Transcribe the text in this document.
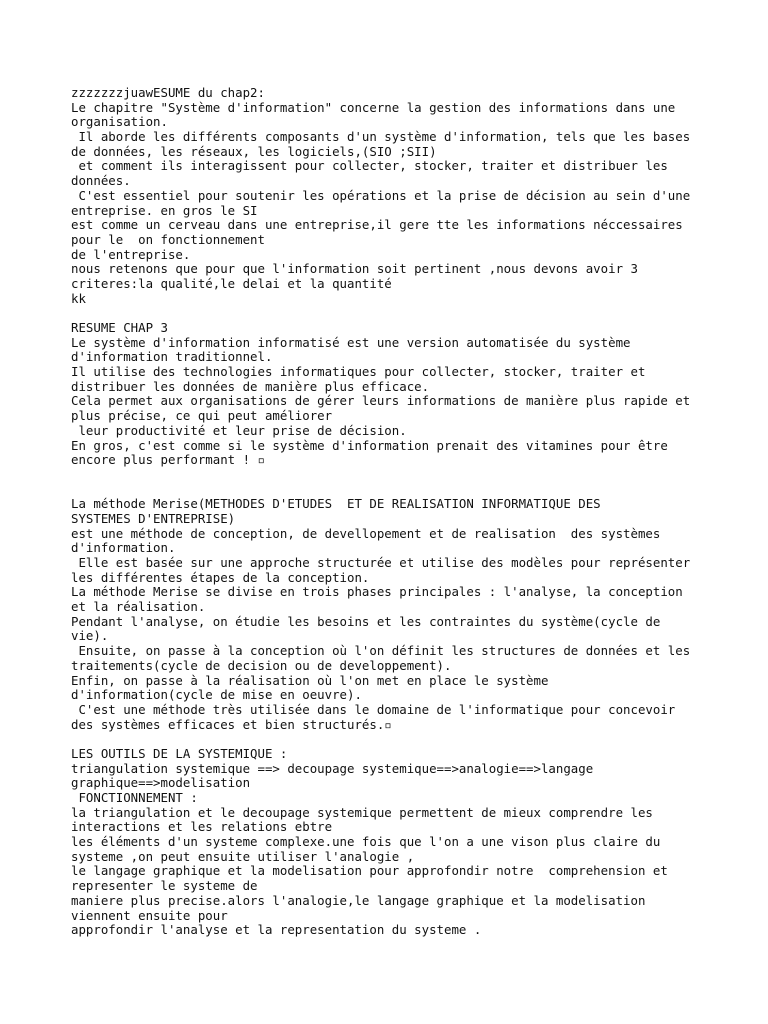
zzzzzzzjuawESUME du chap2:
Le chapitre "Système d'information" concerne la gestion des informations dans une
organisation.
Il aborde les différents composants d'un système d'information, tels que les bases
de données, les réseaux, les logiciels,(SIO ;SII)
et comment ils interagissent pour collecter, stocker, traiter et distribuer les
données.
C'est essentiel pour soutenir les opérations et la prise de décision au sein d'une
entreprise. en gros le SI
est comme un cerveau dans une entreprise,il gere tte les informations néccessaires
pour le  on fonctionnement
de l'entreprise.
nous retenons que pour que l'information soit pertinent ,nous devons avoir 3
criteres:la qualité,le delai et la quantité
kk
RESUME CHAP 3
Le système d'information informatisé est une version automatisée du système
d'information traditionnel.
Il utilise des technologies informatiques pour collecter, stocker, traiter et
distribuer les données de manière plus efficace.
Cela permet aux organisations de gérer leurs informations de manière plus rapide et
plus précise, ce qui peut améliorer
leur productivité et leur prise de décision.
En gros, c'est comme si le système d'information prenait des vitamines pour être
encore plus performant ! ▫
La méthode Merise(METHODES D'ETUDES  ET DE REALISATION INFORMATIQUE DES
SYSTEMES D'ENTREPRISE)
est une méthode de conception, de devellopement et de realisation  des systèmes
d'information.
Elle est basée sur une approche structurée et utilise des modèles pour représenter
les différentes étapes de la conception.
La méthode Merise se divise en trois phases principales : l'analyse, la conception
et la réalisation.
Pendant l'analyse, on étudie les besoins et les contraintes du système(cycle de
vie).
Ensuite, on passe à la conception où l'on définit les structures de données et les
traitements(cycle de decision ou de developpement).
Enfin, on passe à la réalisation où l'on met en place le système
d'information(cycle de mise en oeuvre).
C'est une méthode très utilisée dans le domaine de l'informatique pour concevoir
des systèmes efficaces et bien structurés.▫
LES OUTILS DE LA SYSTEMIQUE :
triangulation systemique ==> decoupage systemique==>analogie==>langage
graphique==>modelisation
FONCTIONNEMENT :
la triangulation et le decoupage systemique permettent de mieux comprendre les
interactions et les relations ebtre
les éléments d'un systeme complexe.une fois que l'on a une vison plus claire du
systeme ,on peut ensuite utiliser l'analogie ,
le langage graphique et la modelisation pour approfondir notre  comprehension et
representer le systeme de
maniere plus precise.alors l'analogie,le langage graphique et la modelisation
viennent ensuite pour
approfondir l'analyse et la representation du systeme .
